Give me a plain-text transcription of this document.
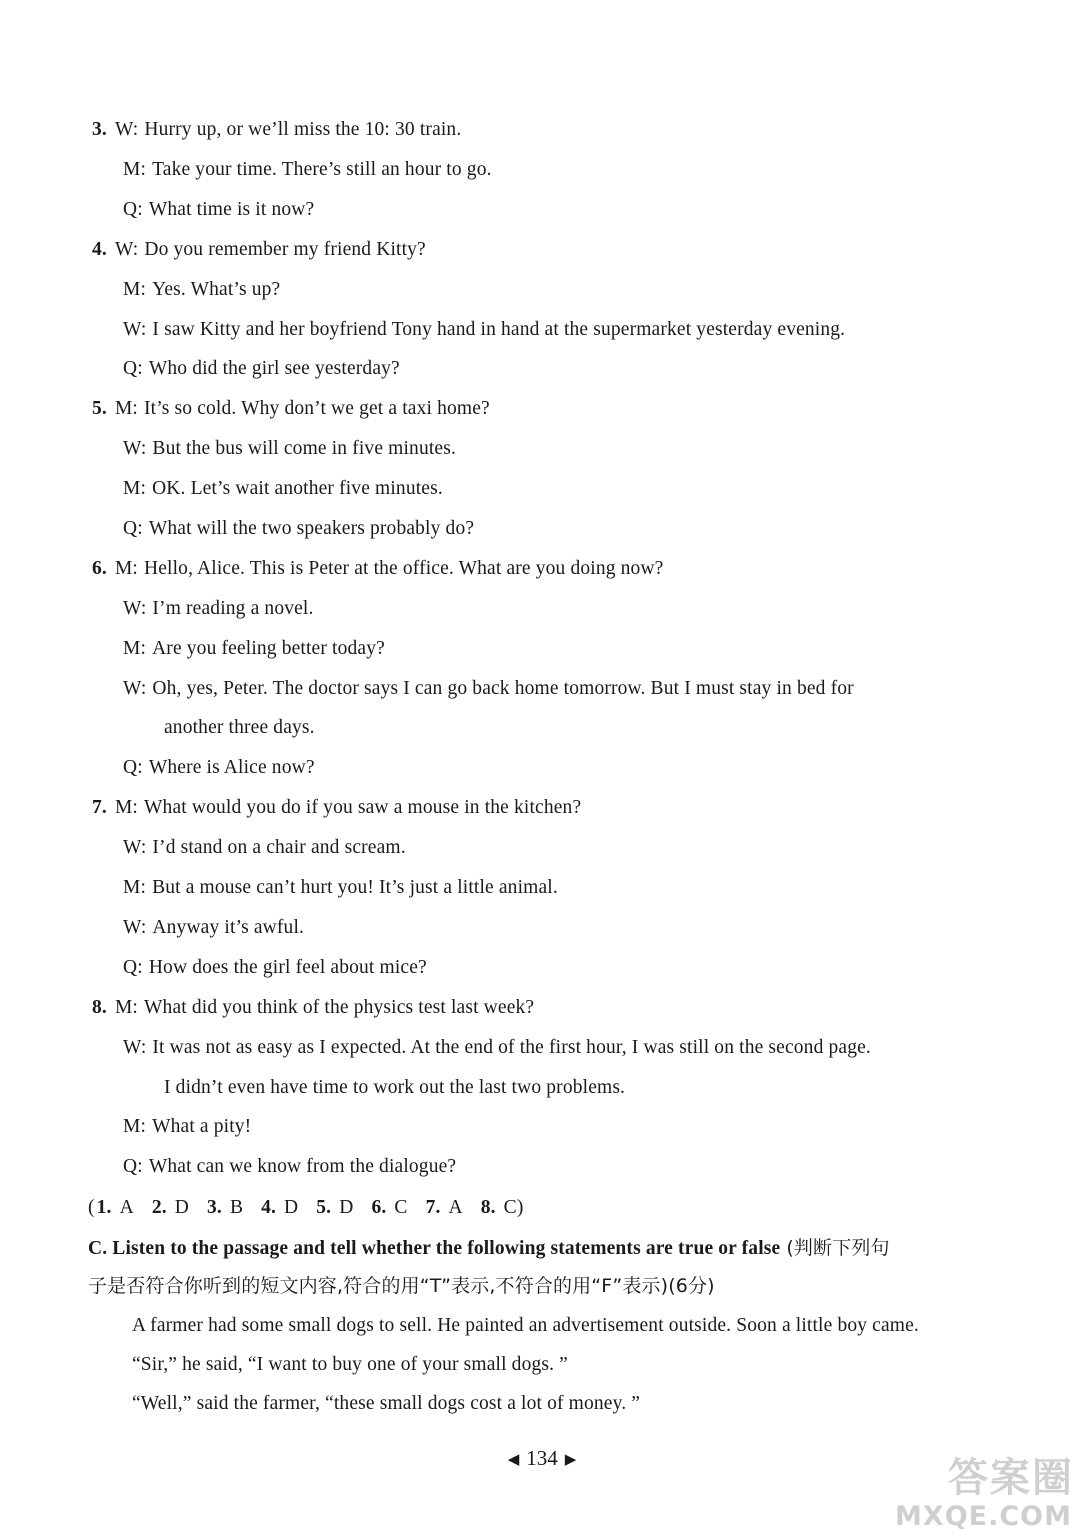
3. W: Hurry up, or we’ll miss the 10: 30 train.
M: Take your time. There’s still an hour to go.
Q: What time is it now?
4. W: Do you remember my friend Kitty?
M: Yes. What’s up?
W: I saw Kitty and her boyfriend Tony hand in hand at the supermarket yesterday evening.
Q: Who did the girl see yesterday?
5. M: It’s so cold. Why don’t we get a taxi home?
W: But the bus will come in five minutes.
M: OK. Let’s wait another five minutes.
Q: What will the two speakers probably do?
6. M: Hello, Alice. This is Peter at the office. What are you doing now?
W: I’m reading a novel.
M: Are you feeling better today?
W: Oh, yes, Peter. The doctor says I can go back home tomorrow. But I must stay in bed for
another three days.
Q: Where is Alice now?
7. M: What would you do if you saw a mouse in the kitchen?
W: I’d stand on a chair and scream.
M: But a mouse can’t hurt you! It’s just a little animal.
W: Anyway it’s awful.
Q: How does the girl feel about mice?
8. M: What did you think of the physics test last week?
W: It was not as easy as I expected. At the end of the first hour, I was still on the second page.
I didn’t even have time to work out the last two problems.
M: What a pity!
Q: What can we know from the dialogue?
( 1. A 2. D 3. B 4. D 5. D 6. C 7. A 8. C)
C. Listen to the passage and tell whether the following statements are true or false (判断下列句
子是否符合你听到的短文内容,符合的用“T”表示,不符合的用“F”表示)(6分)
A farmer had some small dogs to sell. He painted an advertisement outside. Soon a little boy came.
“Sir,” he said, “I want to buy one of your small dogs. ”
“Well,” said the farmer, “these small dogs cost a lot of money. ”
◀ 134 ▶	答案圈
MXQE.COM
